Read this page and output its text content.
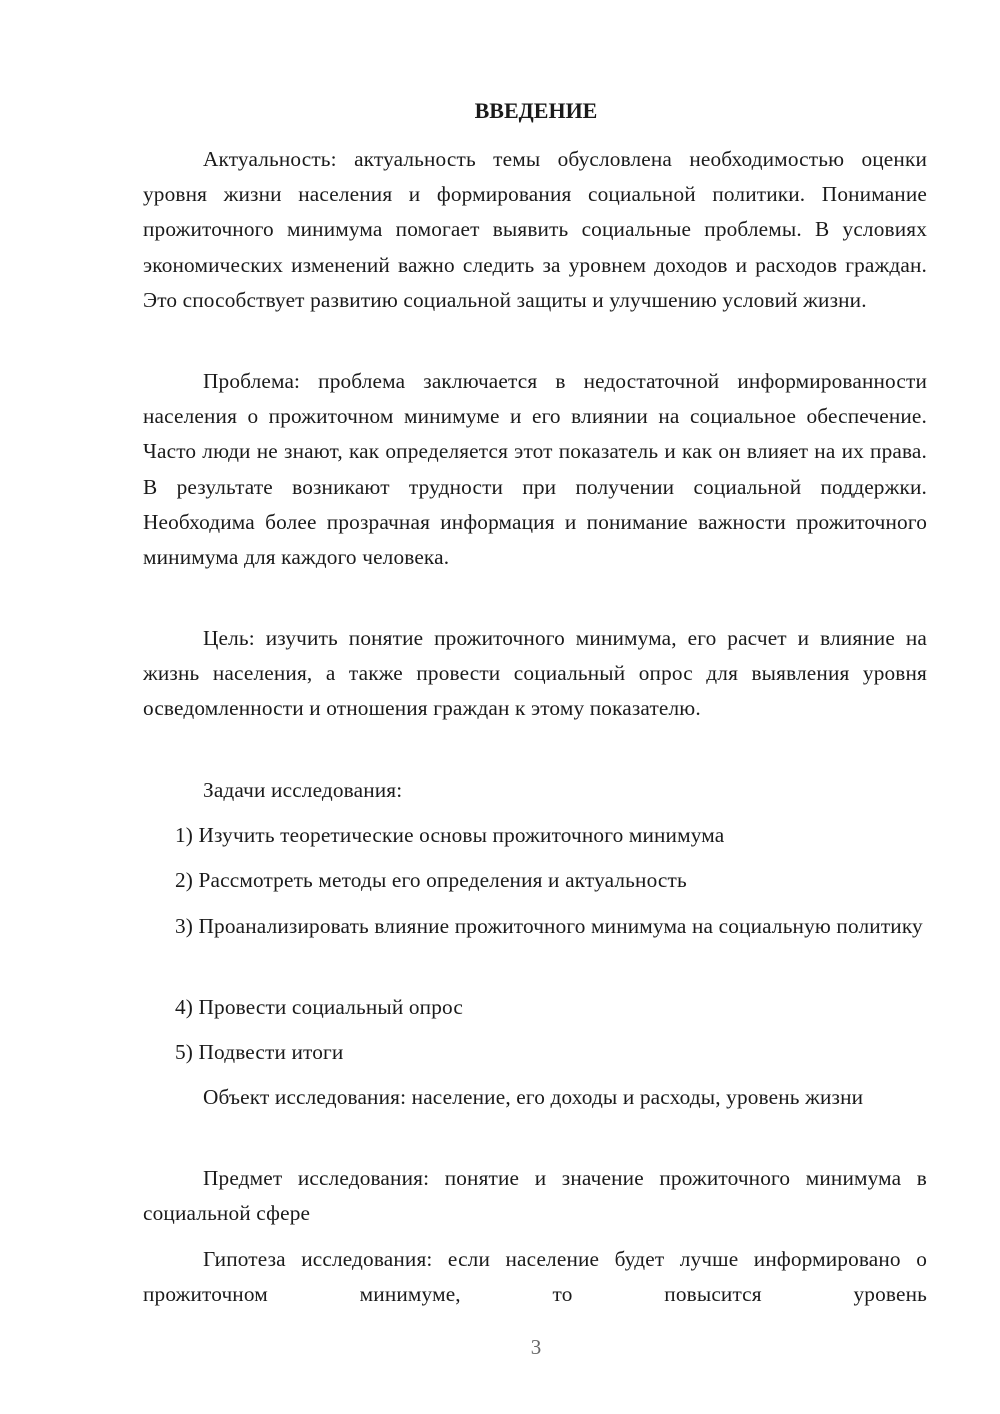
ВВЕДЕНИЕ
Актуальность: актуальность темы обусловлена необходимостью оценки уровня жизни населения и формирования социальной политики. Понимание прожиточного минимума помогает выявить социальные проблемы. В условиях экономических изменений важно следить за уровнем доходов и расходов граждан. Это способствует развитию социальной защиты и улучшению условий жизни.
Проблема: проблема заключается в недостаточной информированности населения о прожиточном минимуме и его влиянии на социальное обеспечение. Часто люди не знают, как определяется этот показатель и как он влияет на их права. В результате возникают трудности при получении социальной поддержки. Необходима более прозрачная информация и понимание важности прожиточного минимума для каждого человека.
Цель: изучить понятие прожиточного минимума, его расчет и влияние на жизнь населения, а также провести социальный опрос для выявления уровня осведомленности и отношения граждан к этому показателю.
Задачи исследования:
1) Изучить теоретические основы прожиточного минимума
2) Рассмотреть методы его определения и актуальность
3) Проанализировать влияние прожиточного минимума на социальную политику
4) Провести социальный опрос
5) Подвести итоги
Объект исследования: население, его доходы и расходы, уровень жизни
Предмет исследования: понятие и значение прожиточного минимума в социальной сфере
Гипотеза исследования: если население будет лучше информировано о прожиточном минимуме, то повысится уровень
3
